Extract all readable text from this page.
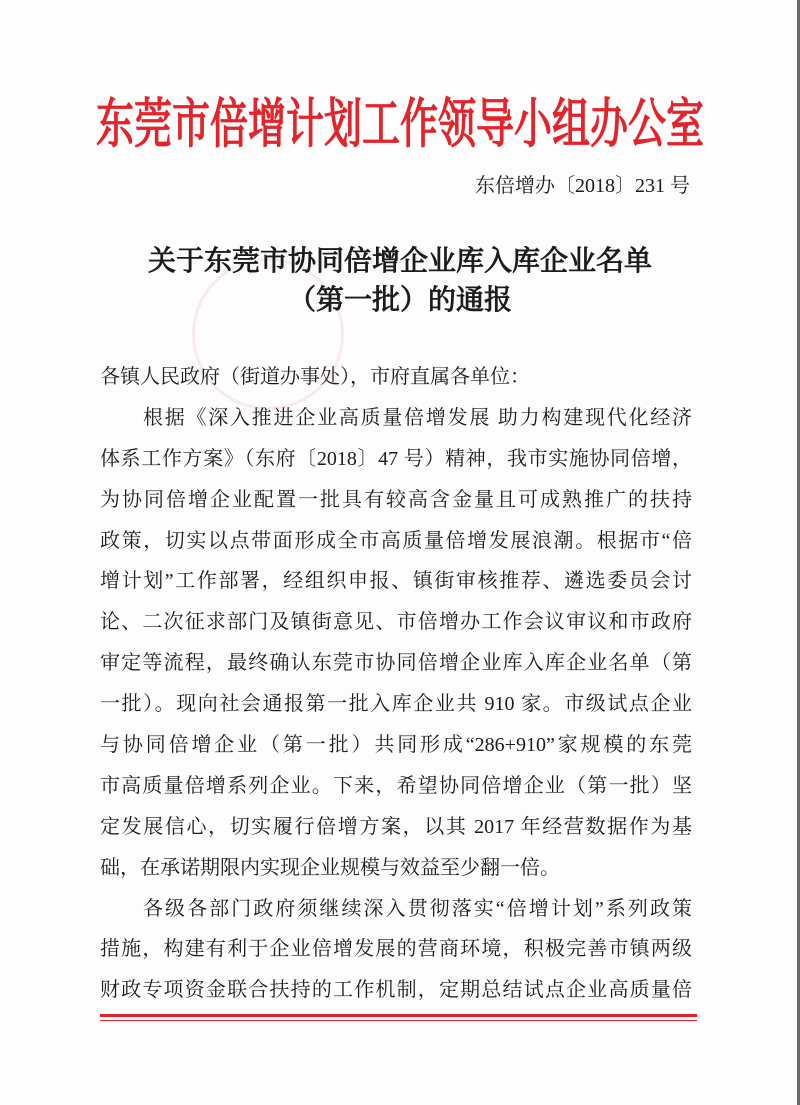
东莞市倍增计划工作领导小组办公室
东倍增办〔2018〕231 号
关于东莞市协同倍增企业库入库企业名单
（第一批）的通报
各镇人民政府（街道办事处），市府直属各单位：
根据《深入推进企业高质量倍增发展 助力构建现代化经济
体系工作方案》（东府〔2018〕47 号）精神，我市实施协同倍增，
为协同倍增企业配置一批具有较高含金量且可成熟推广的扶持
政策，切实以点带面形成全市高质量倍增发展浪潮。根据市“倍
增计划”工作部署，经组织申报、镇街审核推荐、遴选委员会讨
论、二次征求部门及镇街意见、市倍增办工作会议审议和市政府
审定等流程，最终确认东莞市协同倍增企业库入库企业名单（第
一批）。现向社会通报第一批入库企业共 910 家。市级试点企业
与协同倍增企业（第一批）共同形成“286+910”家规模的东莞
市高质量倍增系列企业。下来，希望协同倍增企业（第一批）坚
定发展信心，切实履行倍增方案，以其 2017 年经营数据作为基
础，在承诺期限内实现企业规模与效益至少翻一倍。
各级各部门政府须继续深入贯彻落实“倍增计划”系列政策
措施，构建有利于企业倍增发展的营商环境，积极完善市镇两级
财政专项资金联合扶持的工作机制，定期总结试点企业高质量倍
